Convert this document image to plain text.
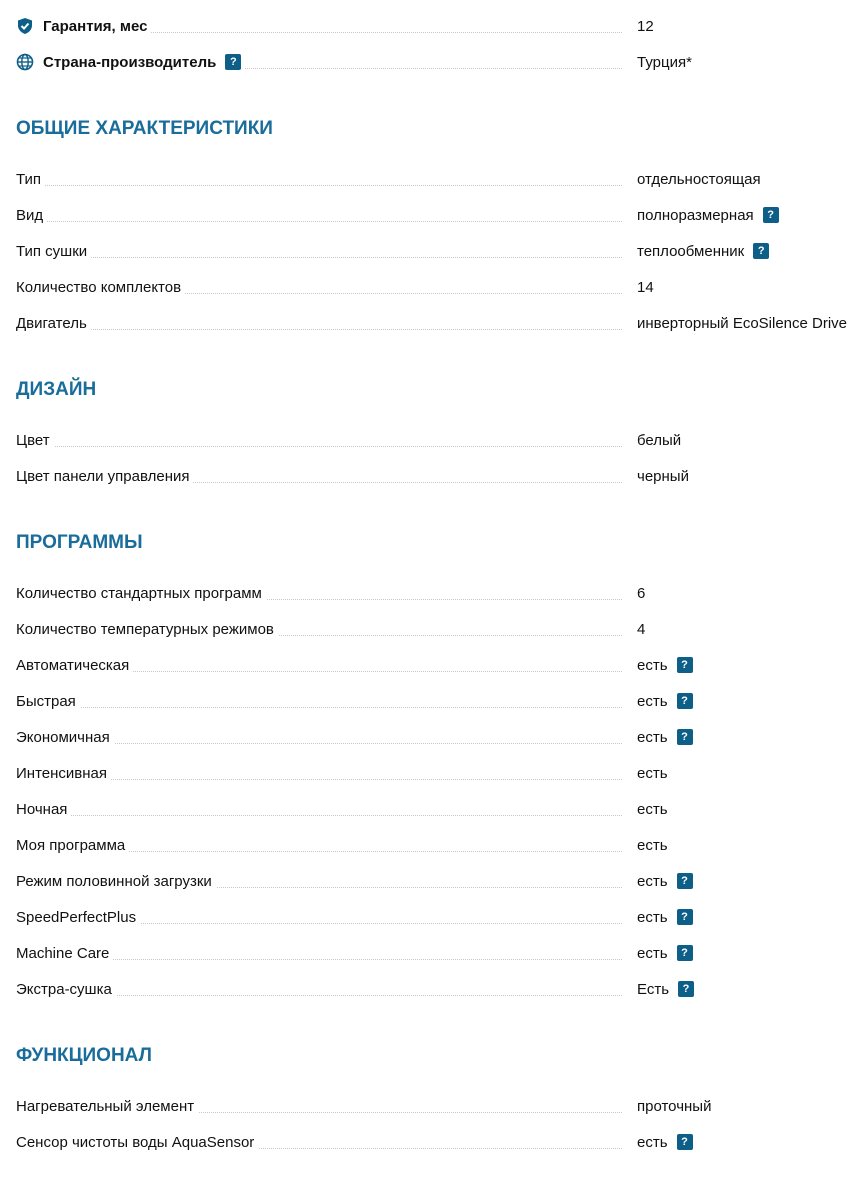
Гарантия, мес	12
Страна-производитель	?	Турция*
ОБЩИЕ ХАРАКТЕРИСТИКИ
Тип	отдельностоящая
Вид	полноразмерная	?
Тип сушки	теплообменник	?
Количество комплектов	14
Двигатель	инверторный EcoSilence Drive
ДИЗАЙН
Цвет	белый
Цвет панели управления	черный
ПРОГРАММЫ
Количество стандартных программ	6
Количество температурных режимов	4
Автоматическая	есть	?
Быстрая	есть	?
Экономичная	есть	?
Интенсивная	есть
Ночная	есть
Моя программа	есть
Режим половинной загрузки	есть	?
SpeedPerfectPlus	есть	?
Machine Care	есть	?
Экстра-сушка	Есть	?
ФУНКЦИОНАЛ
Нагревательный элемент	проточный
Сенсор чистоты воды AquaSensor	есть	?
